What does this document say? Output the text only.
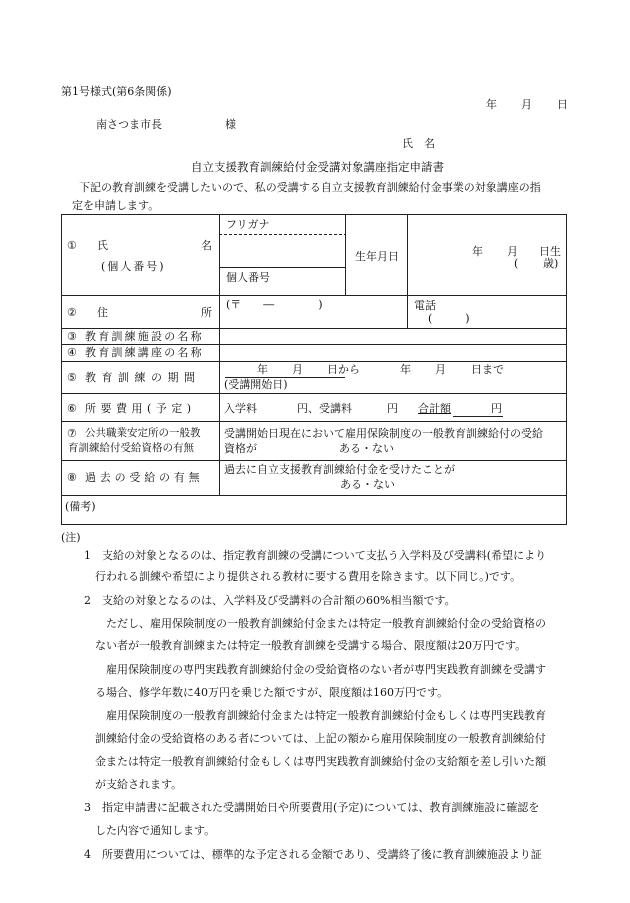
第1号様式(第6条関係)
年 月 日
南さつま市長	様
氏　名
自立支援教育訓練給付金受講対象講座指定申請書
下記の教育訓練を受講したいので、私の受講する自立支援教育訓練給付金事業の対象講座の指
定を申請します。
① 氏	名
(個人番号)
フリガナ
個人番号
生年月日	年 月 日生
( 歳)
② 住	所
(〒　　―　　　　)	電話
(　　　)
③ 教育訓練施設の名称
④ 教育訓練講座の名称
⑤ 教育訓練の期間
年 月 日から	年 月 日まで
(受講開始日)
⑥ 所要費用(予定)	入学料	円、受講料	円 合計額	円
⑦ 公共職業安定所の一般教
育訓練給付受給資格の有無
受講開始日現在において雇用保険制度の一般教育訓練給付の受給
資格が	ある・ない
⑧ 過去の受給の有無
過去に自立支援教育訓練給付金を受けたことが
ある・ない
(備考)
(注)
1　支給の対象となるのは、指定教育訓練の受講について支払う入学料及び受講料(希望により
行われる訓練や希望により提供される教材に要する費用を除きます。以下同じ。)です。
2　支給の対象となるのは、入学料及び受講料の合計額の60%相当額です。
ただし、雇用保険制度の一般教育訓練給付金または特定一般教育訓練給付金の受給資格の
ない者が一般教育訓練または特定一般教育訓練を受講する場合、限度額は20万円です。
雇用保険制度の専門実践教育訓練給付金の受給資格のない者が専門実践教育訓練を受講す
る場合、修学年数に40万円を乗じた額ですが、限度額は160万円です。
雇用保険制度の一般教育訓練給付金または特定一般教育訓練給付金もしくは専門実践教育
訓練給付金の受給資格のある者については、上記の額から雇用保険制度の一般教育訓練給付
金または特定一般教育訓練給付金もしくは専門実践教育訓練給付金の支給額を差し引いた額
が支給されます。
3　指定申請書に記載された受講開始日や所要費用(予定)については、教育訓練施設に確認を
した内容で通知します。
4　所要費用については、標準的な予定される金額であり、受講終了後に教育訓練施設より証
